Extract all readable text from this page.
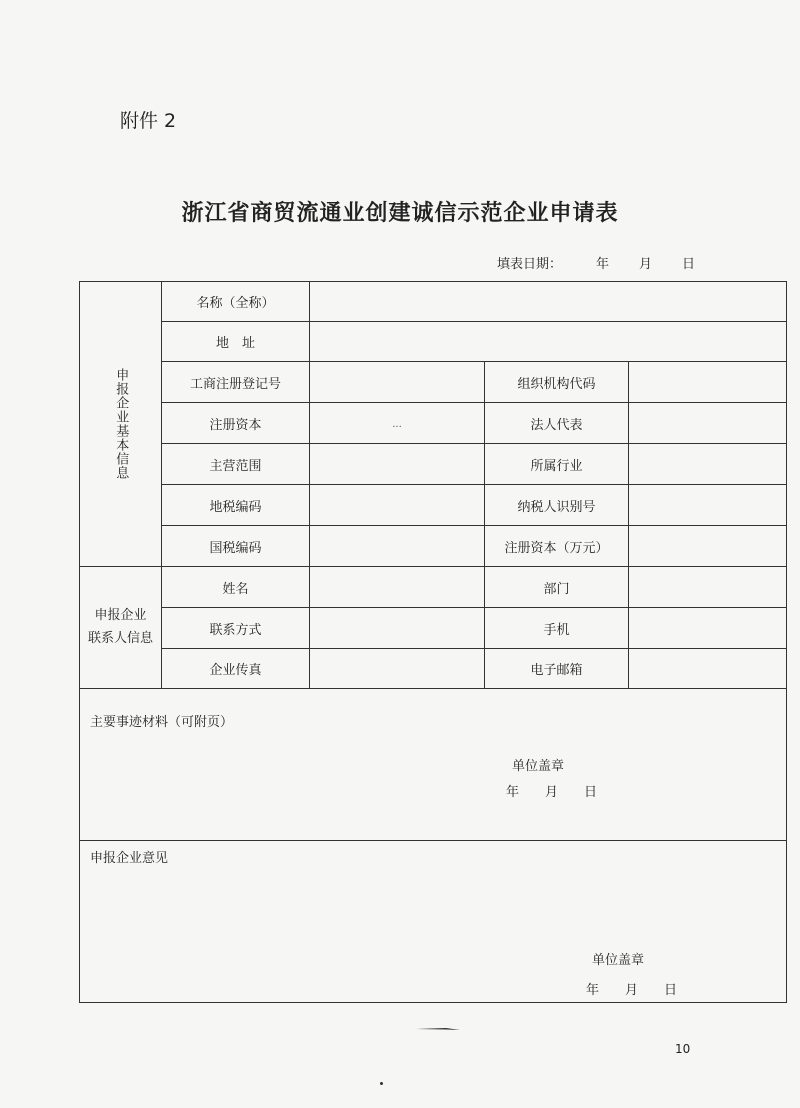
附件 2
浙江省商贸流通业创建诚信示范企业申请表
填表日期：	年 月 日
申报企业基本信息	名称（全称）			
	地　址			
	工商注册登记号		组织机构代码	
	注册资本	...	法人代表	
	主营范围		所属行业	
	地税编码		纳税人识别号	
	国税编码		注册资本（万元）	

申报企业
联系人信息	姓名		部门	
	联系方式		手机	
	企业传真		电子邮箱	

主要事迹材料（可附页）
单位盖章
年 月 日				

申报企业意见
单位盖章
年 月 日				
10
